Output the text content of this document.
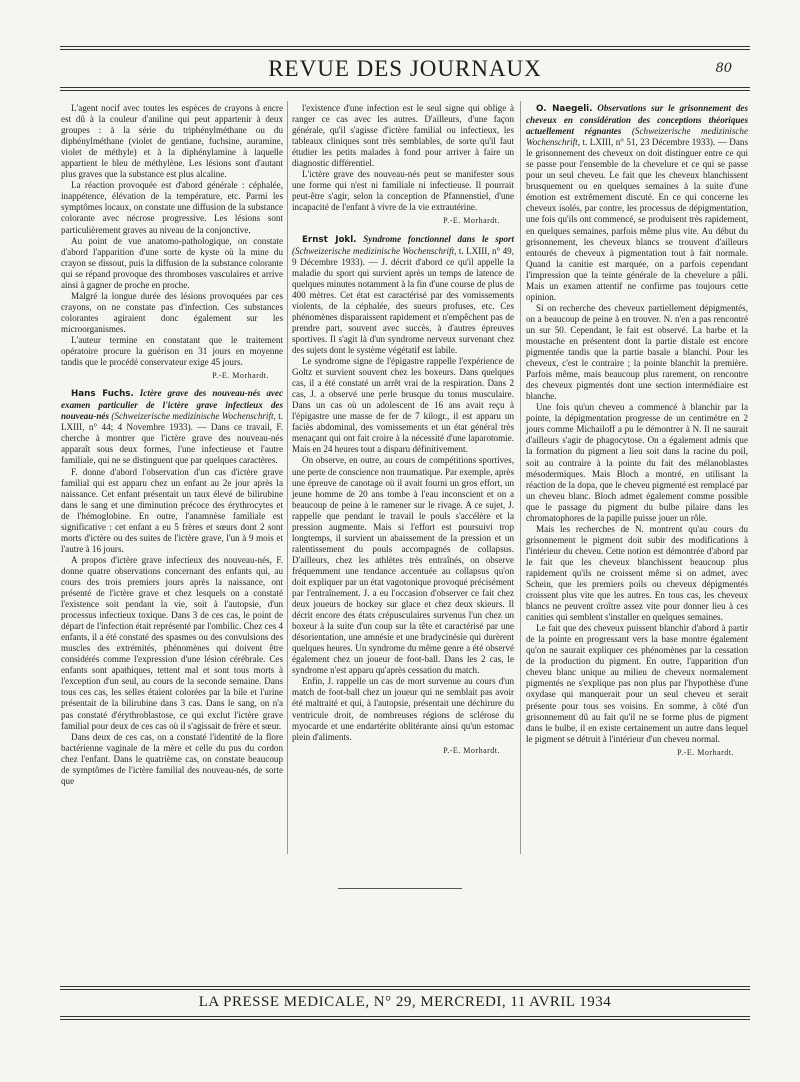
REVUE DES JOURNAUX	80

L'agent nocif avec toutes les espèces de crayons à encre est dû à la couleur d'aniline qui peut appartenir à deux groupes : à la série du triphénylméthane ou du diphénylméthane (violet de gentiane, fuchsine, auramine, violet de méthyle) et à la diphénylamine à laquelle appartient le bleu de méthylène. Les lésions sont d'autant plus graves que la substance est plus alcaline.

La réaction provoquée est d'abord générale : céphalée, inappétence, élévation de la température, etc. Parmi les symptômes locaux, on constate une diffusion de la substance colorante avec nécrose progressive. Les lésions sont particulièrement graves au niveau de la conjonctive.

Au point de vue anatomo-pathologique, on constate d'abord l'apparition d'une sorte de kyste où la mine du crayon se dissout, puis la diffusion de la substance colorante qui se répand provoque des thromboses vasculaires et arrive ainsi à gagner de proche en proche.

Malgré la longue durée des lésions provoquées par ces crayons, on ne constate pas d'infection. Ces substances colorantes agiraient donc également sur les microorganismes.

L'auteur termine en constatant que le traitement opératoire procure la guérison en 31 jours en moyenne tandis que le procédé conservateur exige 45 jours.

P.-E. Morhardt.

Hans Fuchs. Ictère grave des nouveau-nés avec examen particulier de l'ictère grave infectieux des nouveau-nés (Schweizerische medizinische Wochenschrift, t. LXIII, n° 44; 4 Novembre 1933). — Dans ce travail, F. cherche à montrer que l'ictère grave des nouveau-nés apparaît sous deux formes, l'une infectieuse et l'autre familiale, qui ne se distinguent que par quelques caractères.

F. donne d'abord l'observation d'un cas d'ictère grave familial qui est apparu chez un enfant au 2e jour après la naissance. Cet enfant présentait un taux élevé de bilirubine dans le sang et une diminution précoce des érythrocytes et de l'hémoglobine. En outre, l'anamnèse familiale est significative : cet enfant a eu 5 frères et sœurs dont 2 sont morts d'ictère ou des suites de l'ictère grave, l'un à 9 mois et l'autre à 16 jours.

A propos d'ictère grave infectieux des nouveau-nés, F. donne quatre observations concernant des enfants qui, au cours des trois premiers jours après la naissance, ont présenté de l'ictère grave et chez lesquels on a constaté l'existence soit pendant la vie, soit à l'autopsie, d'un processus infectieux toxique. Dans 3 de ces cas, le point de départ de l'infection était représenté par l'ombilic. Chez ces 4 enfants, il a été constaté des spasmes ou des convulsions des muscles des extrémités, phénomènes qui doivent être considérés comme l'expression d'une lésion cérébrale. Ces enfants sont apathiques, tettent mal et sont tous morts à l'exception d'un seul, au cours de la seconde semaine. Dans tous ces cas, les selles étaient colorées par la bile et l'urine présentait de la bilirubine dans 3 cas. Dans le sang, on n'a pas constaté d'érythroblastose, ce qui exclut l'ictère grave familial pour deux de ces cas où il s'agissait de frère et sœur.

Dans deux de ces cas, on a constaté l'identité de la flore bactérienne vaginale de la mère et celle du pus du cordon chez l'enfant. Dans le quatrième cas, on constate beaucoup de symptômes de l'ictère familial des nouveau-nés, de sorte que

l'existence d'une infection est le seul signe qui oblige à ranger ce cas avec les autres. D'ailleurs, d'une façon générale, qu'il s'agisse d'ictère familial ou infectieux, les tableaux cliniques sont très semblables, de sorte qu'il faut étudier les petits malades à fond pour arriver à faire un diagnostic différentiel.

L'ictère grave des nouveau-nés peut se manifester sous une forme qui n'est ni familiale ni infectieuse. Il pourrait peut-être s'agir, selon la conception de Pfannenstiel, d'une incapacité de l'enfant à vivre de la vie extrautérine.

P.-E. Morhardt.

Ernst Jokl. Syndrome fonctionnel dans le sport (Schweizerische medizinische Wochenschrift, t. LXIII, n° 49, 9 Décembre 1933). — J. décrit d'abord ce qu'il appelle la maladie du sport qui survient après un temps de latence de quelques minutes notamment à la fin d'une course de plus de 400 mètres. Cet état est caractérisé par des vomissements violents, de la céphalée, des sueurs profuses, etc. Ces phénomènes disparaissent rapidement et n'empêchent pas de prendre part, souvent avec succès, à d'autres épreuves sportives. Il s'agit là d'un syndrome nerveux survenant chez des sujets dont le système végétatif est labile.

Le syndrome signe de l'épigastre rappelle l'expérience de Goltz et survient souvent chez les boxeurs. Dans quelques cas, il a été constaté un arrêt vrai de la respiration. Dans 2 cas, J. a observé une perle brusque du tonus musculaire. Dans un cas où un adolescent de 16 ans avait reçu à l'épigastre une masse de fer de 7 kilogr., il est apparu un faciès abdominal, des vomissements et un état général très menaçant qui ont fait croire à la nécessité d'une laparotomie. Mais en 24 heures tout a disparu définitivement.

On observe, en outre, au cours de compétitions sportives, une perte de conscience non traumatique. Par exemple, après une épreuve de canotage où il avait fourni un gros effort, un jeune homme de 20 ans tombe à l'eau inconscient et on a beaucoup de peine à le ramener sur le rivage. A ce sujet, J. rappelle que pendant le travail le pouls s'accélère et la pression augmente. Mais si l'effort est poursuivi trop longtemps, il survient un abaissement de la pression et un ralentissement du pouls accompagnés de collapsus. D'ailleurs, chez les athlètes très entraînés, on observe fréquemment une tendance accentuée au collapsus qu'on doit expliquer par un état vagotonique provoqué précisément par l'entraînement. J. a eu l'occasion d'observer ce fait chez deux joueurs de hockey sur glace et chez deux skieurs. Il décrit encore des états crépusculaires survenus l'un chez un boxeur à la suite d'un coup sur la tête et caractérisé par une désorientation, une amnésie et une bradycinésie qui durèrent quelques heures. Un syndrome du même genre a été observé également chez un joueur de foot-ball. Dans les 2 cas, le syndrome n'est apparu qu'après cessation du match.

Enfin, J. rappelle un cas de mort survenue au cours d'un match de foot-ball chez un joueur qui ne semblait pas avoir été maltraité et qui, à l'autopsie, présentait une déchirure du ventricule droit, de nombreuses régions de sclérose du myocarde et une endartérite oblitérante ainsi qu'un estomac plein d'aliments.

P.-E. Morhardt.

O. Naegeli. Observations sur le grisonnement des cheveux en considération des conceptions théoriques actuellement régnantes (Schweizerische medizinische Wochenschrift, t. LXIII, n° 51, 23 Décembre 1933). — Dans le grisonnement des cheveux on doit distinguer entre ce qui se passe pour l'ensemble de la chevelure et ce qui se passe pour un seul cheveu. Le fait que les cheveux blanchissent brusquement ou en quelques semaines à la suite d'une émotion est extrêmement discuté. En ce qui concerne les cheveux isolés, par contre, les processus de dépigmentation, une fois qu'ils ont commencé, se produisent très rapidement, en quelques semaines, parfois même plus vite. Au début du grisonnement, les cheveux blancs se trouvent d'ailleurs entourés de cheveux à pigmentation tout à fait normale. Quand la canitie est marquée, on a parfois cependant l'impression que la teinte générale de la chevelure a pâli. Mais un examen attentif ne confirme pas toujours cette opinion.

Si on recherche des cheveux partiellement dépigmentés, on a beaucoup de peine à en trouver. N. n'en a pas rencontré un sur 50. Cependant, le fait est observé. La barbe et la moustache en présentent dont la partie distale est encore pigmentée tandis que la partie basale a blanchi. Pour les cheveux, c'est le contraire ; la pointe blanchit la première. Parfois même, mais beaucoup plus rarement, on rencontre des cheveux pigmentés dont une section intermédiaire est blanche.

Une fois qu'un cheveu a commencé à blanchir par la pointe, la dépigmentation progresse de un centimètre en 2 jours comme Michailoff a pu le démontrer à N. Il ne saurait d'ailleurs s'agir de phagocytose. On a également admis que la formation du pigment a lieu soit dans la racine du poil, soit au contraire à la pointe du fait des mélanoblastes mésodermiques. Mais Bloch a montré, en utilisant la réaction de la dopa, que le cheveu pigmenté est remplacé par un cheveu blanc. Bloch admet également comme possible que le passage du pigment du bulbe pilaire dans les chromatophores de la papille puisse jouer un rôle.

Mais les recherches de N. montrent qu'au cours du grisonnement le pigment doit subir des modifications à l'intérieur du cheveu. Cette notion est démontrée d'abord par le fait que les cheveux blanchissent beaucoup plus rapidement qu'ils ne croissent même si on admet, avec Schein, que les premiers poils ou cheveux dépigmentés croissent plus vite que les autres. En tous cas, les cheveux blancs ne peuvent croître assez vite pour donner lieu à ces canities qui semblent s'installer en quelques semaines.

Le fait que des cheveux puissent blanchir d'abord à partir de la pointe en progressant vers la base montre également qu'on ne saurait expliquer ces phénomènes par la cessation de la production du pigment. En outre, l'apparition d'un cheveu blanc unique au milieu de cheveux normalement pigmentés ne s'explique pas non plus par l'hypothèse d'une oxydase qui manquerait pour un seul cheveu et serait présente pour tous ses voisins. En somme, à côté d'un grisonnement dû au fait qu'il ne se forme plus de pigment dans le bulbe, il en existe certainement un autre dans lequel le pigment se détruit à l'intérieur d'un cheveu normal.

P.-E. Morhardt.

LA PRESSE MEDICALE, N° 29, MERCREDI, 11 AVRIL 1934
